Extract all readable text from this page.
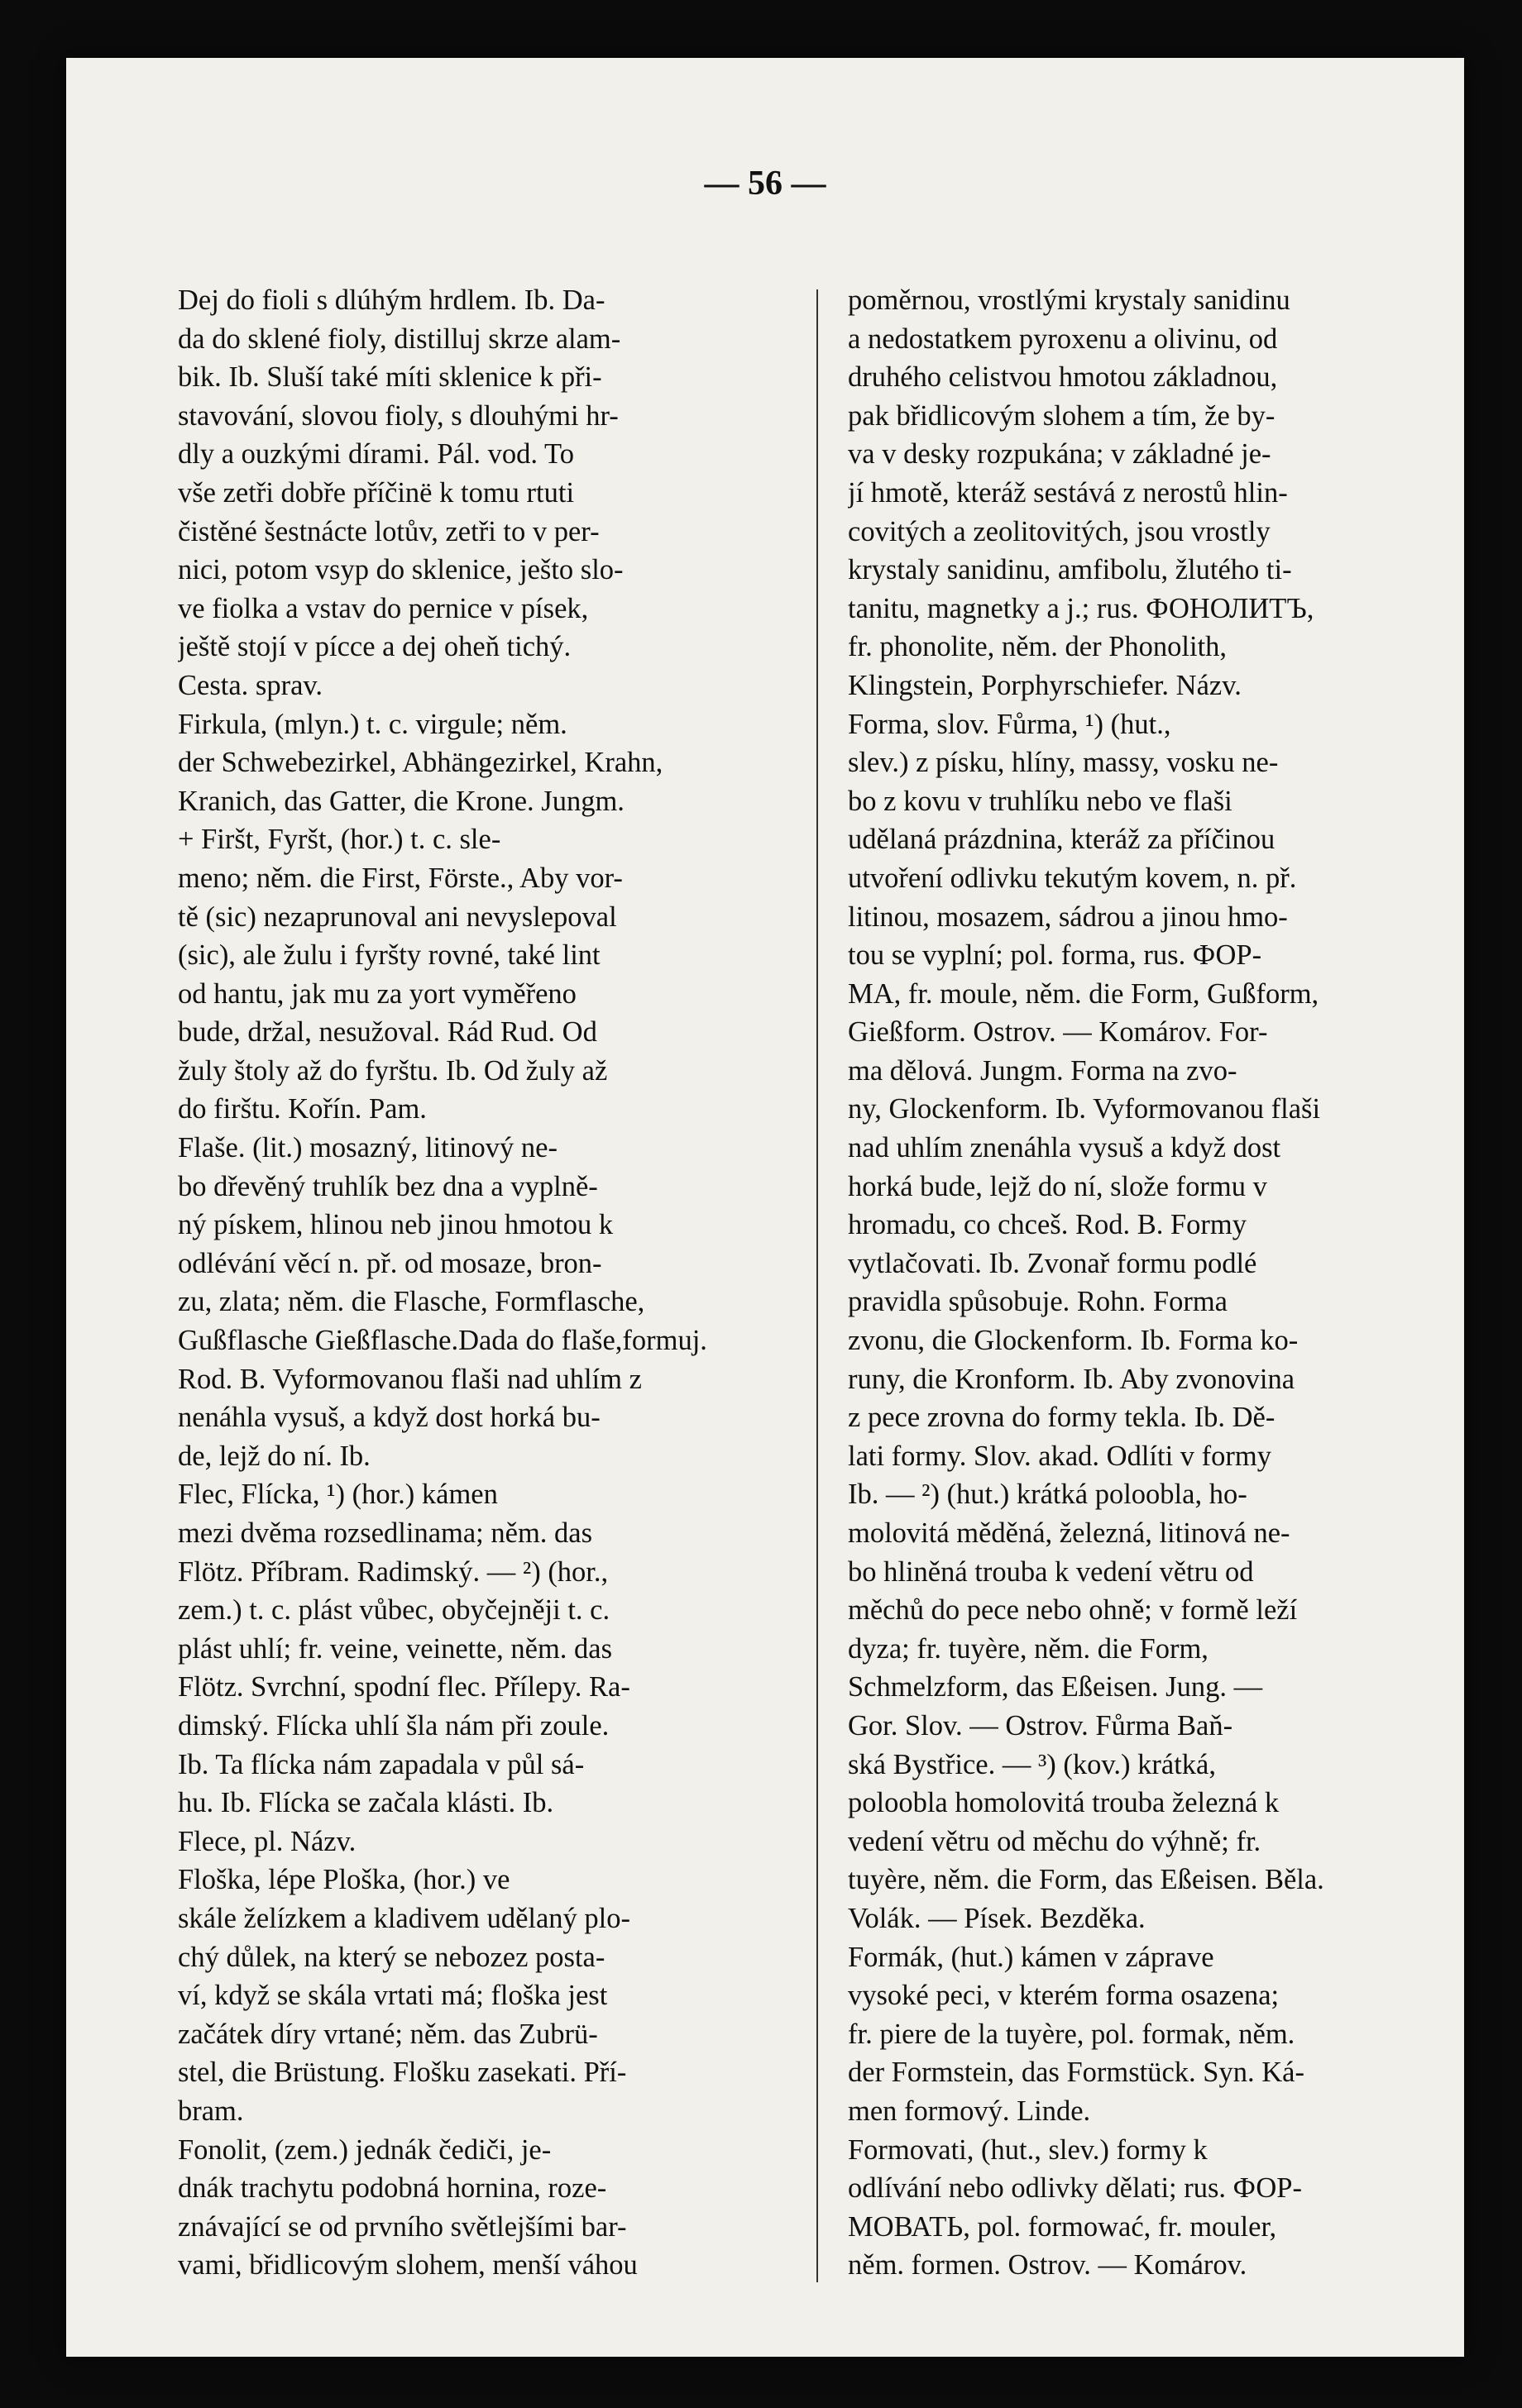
— 56 —
Dej do fioli s dlúhým hrdlem. Ib. Da-
da do sklené fioly, distilluj skrze alam-
bik. Ib. Sluší také míti sklenice k při-
stavování, slovou fioly, s dlouhými hr-
dly a ouzkými dírami. Pál. vod. To
vše zetři dobře příčinë k tomu rtuti
čistěné šestnácte lotův, zetři to v per-
nici, potom vsyp do sklenice, ješto slo-
ve fiolka a vstav do pernice v písek,
ještě stojí v pícce a dej oheň tichý.
Cesta. sprav.
Firkula, (mlyn.) t. c. virgule; něm.
der Schwebezirkel, Abhängezirkel, Krahn,
Kranich, das Gatter, die Krone. Jungm.
+ Firšt, Fyršt, (hor.) t. c. sle-
meno; něm. die First, Förste., Aby vor-
tě (sic) nezaprunoval ani nevyslepoval
(sic), ale žulu i fyršty rovné, také lint
od hantu, jak mu za yort vyměřeno
bude, držal, nesužoval. Rád Rud. Od
žuly štoly až do fyrštu. Ib. Od žuly až
do firštu. Kořín. Pam.
Flaše. (lit.) mosazný, litinový ne-
bo dřevěný truhlík bez dna a vyplně-
ný pískem, hlinou neb jinou hmotou k
odlévání věcí n. př. od mosaze, bron-
zu, zlata; něm. die Flasche, Formflasche,
Gußflasche Gießflasche.Dada do flaše,formuj.
Rod. B. Vyformovanou flaši nad uhlím z
nenáhla vysuš, a když dost horká bu-
de, lejž do ní. Ib.
Flec, Flícka, ¹) (hor.) kámen
mezi dvěma rozsedlinama; něm. das
Flötz. Příbram. Radimský. — ²) (hor.,
zem.) t. c. plást vůbec, obyčejněji t. c.
plást uhlí; fr. veine, veinette, něm. das
Flötz. Svrchní, spodní flec. Přílepy. Ra-
dimský. Flícka uhlí šla nám při zoule.
Ib. Ta flícka nám zapadala v půl sá-
hu. Ib. Flícka se začala klásti. Ib.
Flece, pl. Názv.
Floška, lépe Ploška, (hor.) ve
skále želízkem a kladivem udělaný plo-
chý důlek, na který se nebozez posta-
ví, když se skála vrtati má; floška jest
začátek díry vrtané; něm. das Zubrü-
stel, die Brüstung. Flošku zasekati. Pří-
bram.
Fonolit, (zem.) jednák čediči, je-
dnák trachytu podobná hornina, roze-
znávající se od prvního světlejšími bar-
vami, břidlicovým slohem, menší váhou
poměrnou, vrostlými krystaly sanidinu
a nedostatkem pyroxenu a olivinu, od
druhého celistvou hmotou základnou,
pak břidlicovým slohem a tím, že by-
va v desky rozpukána; v základné je-
jí hmotě, kteráž sestává z nerostů hlin-
covitých a zeolitovitých, jsou vrostly
krystaly sanidinu, amfibolu, žlutého ti-
tanitu, magnetky a j.; rus. ФОНОЛИТЪ,
fr. phonolite, něm. der Phonolith,
Klingstein, Porphyrschiefer. Názv.
Forma, slov. Fůrma, ¹) (hut.,
slev.) z písku, hlíny, massy, vosku ne-
bo z kovu v truhlíku nebo ve flaši
udělaná prázdnina, kteráž za příčinou
utvoření odlivku tekutým kovem, n. př.
litinou, mosazem, sádrou a jinou hmo-
tou se vyplní; pol. forma, rus. ФОР-
MA, fr. moule, něm. die Form, Gußform,
Gießform. Ostrov. — Komárov. For-
ma dělová. Jungm. Forma na zvo-
ny, Glockenform. Ib. Vyformovanou flaši
nad uhlím znenáhla vysuš a když dost
horká bude, lejž do ní, slože formu v
hromadu, co chceš. Rod. B. Formy
vytlačovati. Ib. Zvonař formu podlé
pravidla spůsobuje. Rohn. Forma
zvonu, die Glockenform. Ib. Forma ko-
runy, die Kronform. Ib. Aby zvonovina
z pece zrovna do formy tekla. Ib. Dě-
lati formy. Slov. akad. Odlíti v formy
Ib. — ²) (hut.) krátká poloobla, ho-
molovitá měděná, železná, litinová ne-
bo hliněná trouba k vedení větru od
měchů do pece nebo ohně; v formě leží
dyza; fr. tuyère, něm. die Form,
Schmelzform, das Eßeisen. Jung. —
Gor. Slov. — Ostrov. Fůrma Baň-
ská Bystřice. — ³) (kov.) krátká,
poloobla homolovitá trouba železná k
vedení větru od měchu do výhně; fr.
tuyère, něm. die Form, das Eßeisen. Běla.
Volák. — Písek. Bezděka.
Formák, (hut.) kámen v záprave
vysoké peci, v kterém forma osazena;
fr. piere de la tuyère, pol. formak, něm.
der Formstein, das Formstück. Syn. Ká-
men formový. Linde.
Formovati, (hut., slev.) formy k
odlívání nebo odlivky dělati; rus. ФОР-
МОВАТЬ, pol. formować, fr. mouler,
něm. formen. Ostrov. — Komárov.
